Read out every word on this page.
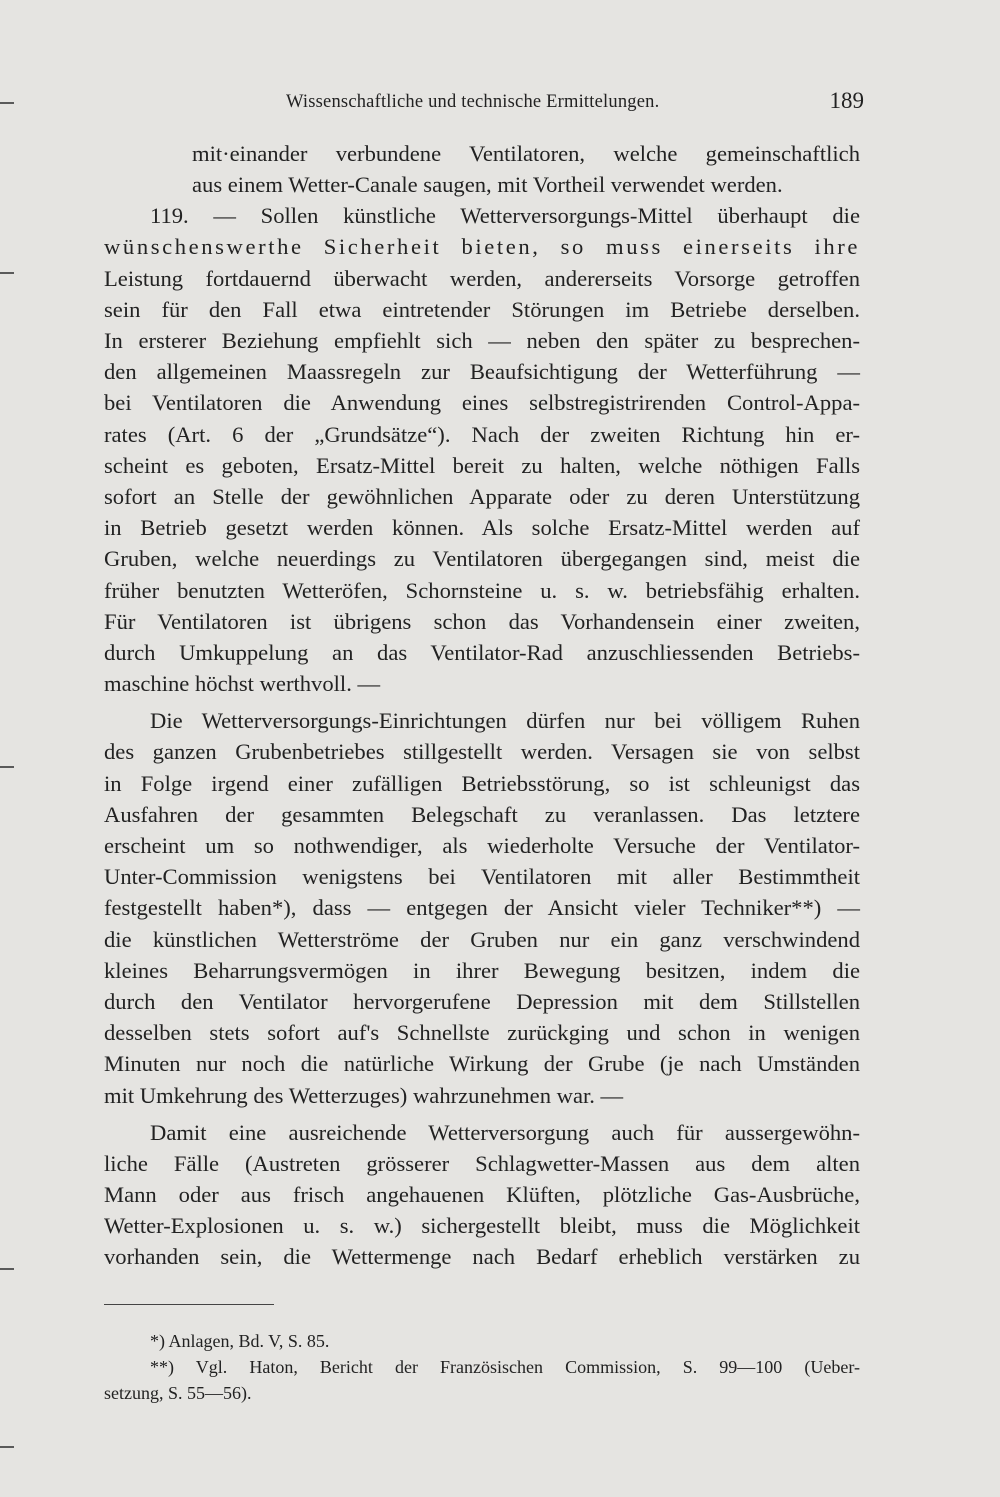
Wissenschaftliche und technische Ermittelungen.	189
mit·einander verbundene Ventilatoren, welche gemeinschaftlich
aus einem Wetter-Canale saugen, mit Vortheil verwendet werden.
119. — Sollen künstliche Wetterversorgungs-Mittel überhaupt die
wünschenswerthe Sicherheit bieten, so muss einerseits ihre
Leistung fortdauernd überwacht werden, andererseits Vorsorge getroffen
sein für den Fall etwa eintretender Störungen im Betriebe derselben.
In ersterer Beziehung empfiehlt sich — neben den später zu besprechen-
den allgemeinen Maassregeln zur Beaufsichtigung der Wetterführung —
bei Ventilatoren die Anwendung eines selbstregistrirenden Control-Appa-
rates (Art. 6 der „Grundsätze“). Nach der zweiten Richtung hin er-
scheint es geboten, Ersatz-Mittel bereit zu halten, welche nöthigen Falls
sofort an Stelle der gewöhnlichen Apparate oder zu deren Unterstützung
in Betrieb gesetzt werden können. Als solche Ersatz-Mittel werden auf
Gruben, welche neuerdings zu Ventilatoren übergegangen sind, meist die
früher benutzten Wetteröfen, Schornsteine u. s. w. betriebsfähig erhalten.
Für Ventilatoren ist übrigens schon das Vorhandensein einer zweiten,
durch Umkuppelung an das Ventilator-Rad anzuschliessenden Betriebs-
maschine höchst werthvoll. —
Die Wetterversorgungs-Einrichtungen dürfen nur bei völligem Ruhen
des ganzen Grubenbetriebes stillgestellt werden. Versagen sie von selbst
in Folge irgend einer zufälligen Betriebsstörung, so ist schleunigst das
Ausfahren der gesammten Belegschaft zu veranlassen. Das letztere
erscheint um so nothwendiger, als wiederholte Versuche der Ventilator-
Unter-Commission wenigstens bei Ventilatoren mit aller Bestimmtheit
festgestellt haben*), dass — entgegen der Ansicht vieler Techniker**) —
die künstlichen Wetterströme der Gruben nur ein ganz verschwindend
kleines Beharrungsvermögen in ihrer Bewegung besitzen, indem die
durch den Ventilator hervorgerufene Depression mit dem Stillstellen
desselben stets sofort auf's Schnellste zurückging und schon in wenigen
Minuten nur noch die natürliche Wirkung der Grube (je nach Umständen
mit Umkehrung des Wetterzuges) wahrzunehmen war. —
Damit eine ausreichende Wetterversorgung auch für aussergewöhn-
liche Fälle (Austreten grösserer Schlagwetter-Massen aus dem alten
Mann oder aus frisch angehauenen Klüften, plötzliche Gas-Ausbrüche,
Wetter-Explosionen u. s. w.) sichergestellt bleibt, muss die Möglichkeit
vorhanden sein, die Wettermenge nach Bedarf erheblich verstärken zu
*) Anlagen, Bd. V, S. 85.
**) Vgl. Haton, Bericht der Französischen Commission, S. 99—100 (Ueber-
setzung, S. 55—56).
